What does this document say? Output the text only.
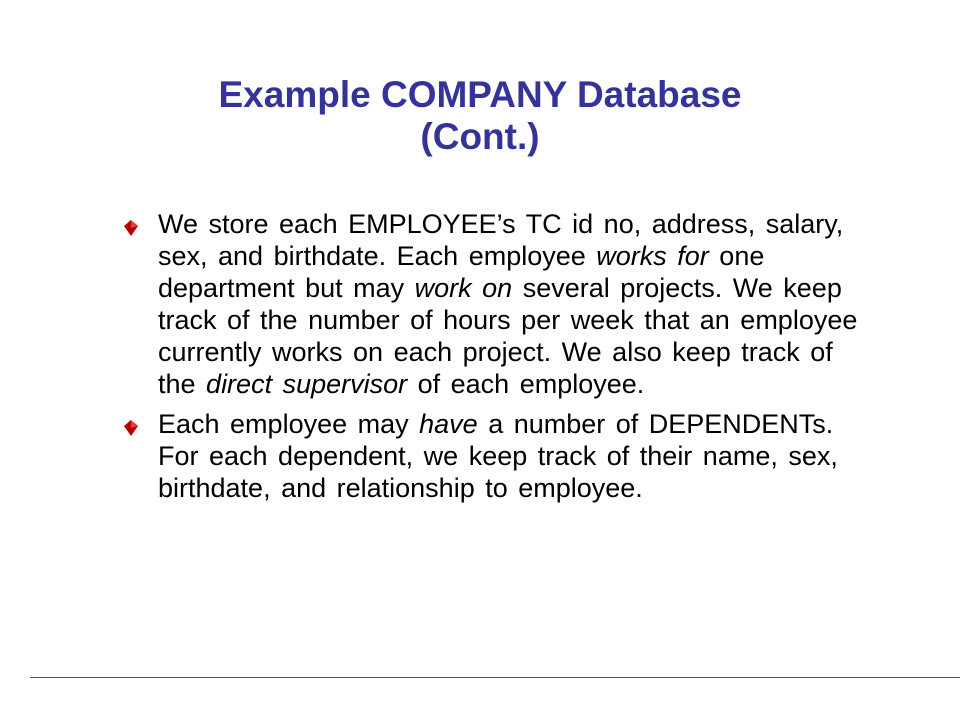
Example COMPANY Database
(Cont.)
We store each EMPLOYEE’s TC id no, address, salary, sex, and birthdate. Each employee works for one department but may work on several projects. We keep track of the number of hours per week that an employee currently works on each project. We also keep track of the direct supervisor of each employee.
Each employee may have a number of DEPENDENTs. For each dependent, we keep track of their name, sex, birthdate, and relationship to employee.
